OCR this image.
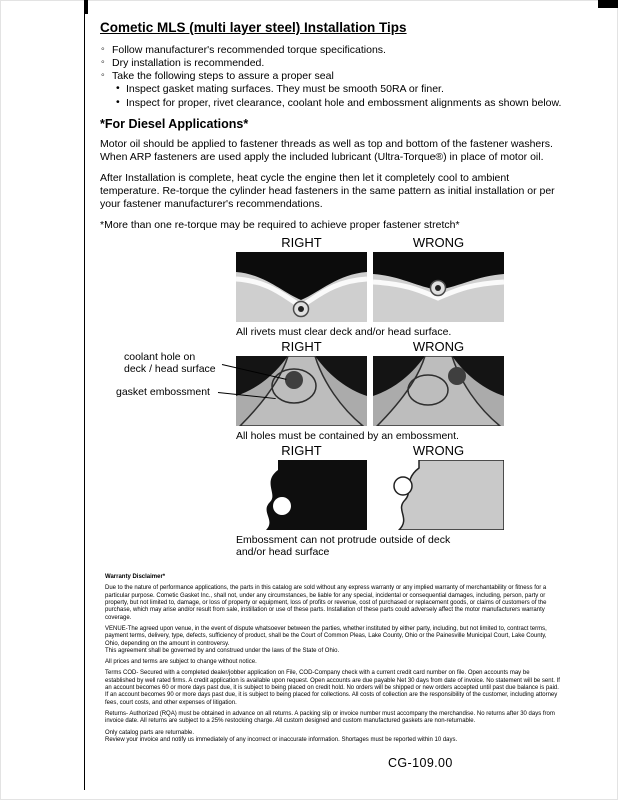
Cometic MLS (multi layer steel) Installation Tips
◦ Follow manufacturer's recommended torque specifications.
◦ Dry installation is recommended.
◦ Take the following steps to assure a proper seal
• Inspect gasket mating surfaces. They must be smooth 50RA or finer.
• Inspect for proper, rivet clearance, coolant hole and embossment alignments as shown below.
*For Diesel Applications*

Motor oil should be applied to fastener threads as well as top and bottom of the fastener washers. When ARP fasteners are used apply the included lubricant (Ultra-Torque®) in place of motor oil.

After Installation is complete, heat cycle the engine then let it completely cool to ambient temperature. Re-torque the cylinder head fasteners in the same pattern as initial installation or per your fastener manufacturer's recommendations.

*More than one re-torque may be required to achieve proper fastener stretch*

RIGHT	WRONG
All rivets must clear deck and/or head surface.
coolant hole on
deck / head surface
gasket embossment
RIGHT	WRONG
All holes must be contained by an embossment.
RIGHT	WRONG
Embossment can not protrude outside of deck and/or head surface
Warranty Disclaimer*

Due to the nature of performance applications, the parts in this catalog are sold without any express warranty or any implied warranty of merchantability or fitness for a particular purpose. Cometic Gasket Inc., shall not, under any circumstances, be liable for any special, incidental or consequential damages, including, person, party or property, but not limited to, damage, or loss of property or equipment, loss of profits or revenue, cost of purchased or replacement goods, or claims of customers of the purchase, which may arise and/or result from sale, instillation or use of these parts. Installation of these parts could adversely affect the motor manufacturers warranty coverage.

VENUE-The agreed upon venue, in the event of dispute whatsoever between the parties, whether instituted by either party, including, but not limited to, contract terms, payment terms, delivery, type, defects, sufficiency of product, shall be the Court of Common Pleas, Lake County, Ohio or the Painesville Municipal Court, Lake County, Ohio, depending on the amount in controversy.

This agreement shall be governed by and construed under the laws of the State of Ohio.

All prices and terms are subject to change without notice.

Terms COD- Secured with a completed dealer/jobber application on File, COD-Company check with a current credit card number on file. Open accounts may be established by well rated firms. A credit application is available upon request. Open accounts are due payable Net 30 days from date of invoice. No statement will be sent. If an account becomes 60 or more days past due, it is subject to being placed on credit hold. No orders will be shipped or new orders accepted until past due balance is paid. If an account becomes 90 or more days past due, it is subject to being placed for collections. All costs of collection are the responsibility of the customer, including attorney fees, court costs, and other expenses of litigation.

Returns- Authorized (RQA) must be obtained in advance on all returns. A packing slip or invoice number must accompany the merchandise. No returns after 30 days from invoice date. All returns are subject to a 25% restocking charge. All custom designed and custom manufactured gaskets are non-returnable.

Only catalog parts are returnable.

Review your invoice and notify us immediately of any incorrect or inaccurate information. Shortages must be reported within 10 days.

CG-109.00
